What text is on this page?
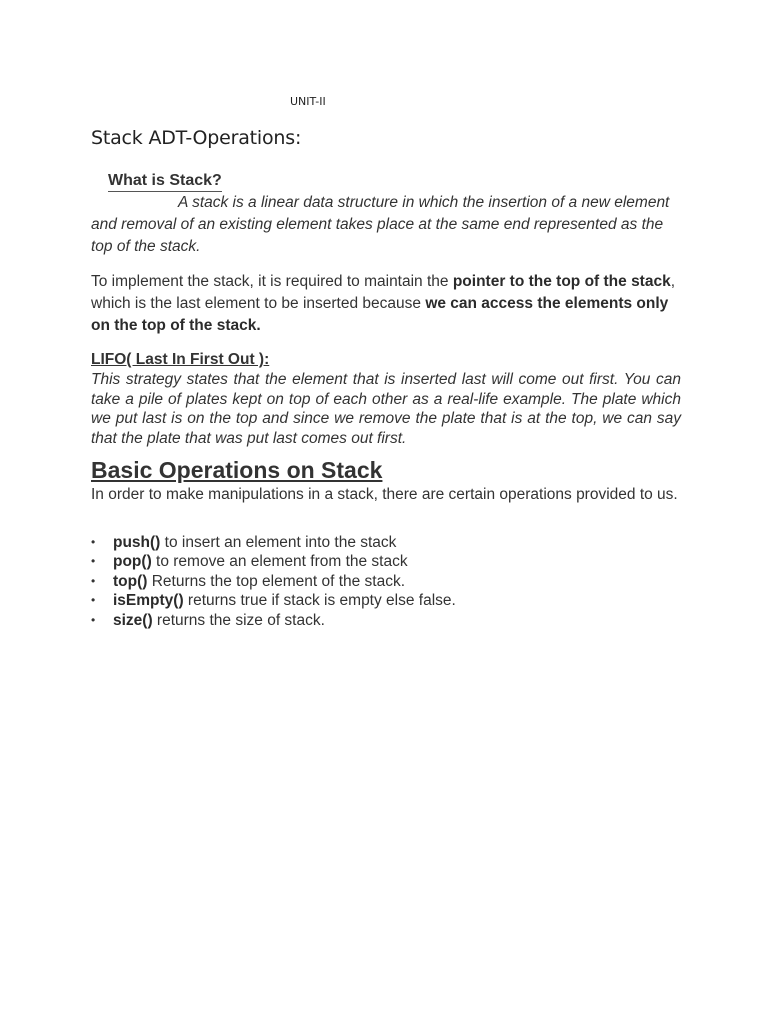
UNIT-II
Stack ADT-Operations:
What is Stack?
A stack is a linear data structure in which the insertion of a new element and removal of an existing element takes place at the same end represented as the top of the stack.
To implement the stack, it is required to maintain the pointer to the top of the stack, which is the last element to be inserted because we can access the elements only on the top of the stack.
LIFO( Last In First Out ):
This strategy states that the element that is inserted last will come out first. You can take a pile of plates kept on top of each other as a real-life example. The plate which we put last is on the top and since we remove the plate that is at the top, we can say that the plate that was put last comes out first.
Basic Operations on Stack
In order to make manipulations in a stack, there are certain operations provided to us.
• push() to insert an element into the stack
• pop() to remove an element from the stack
• top() Returns the top element of the stack.
• isEmpty() returns true if stack is empty else false.
• size() returns the size of stack.
